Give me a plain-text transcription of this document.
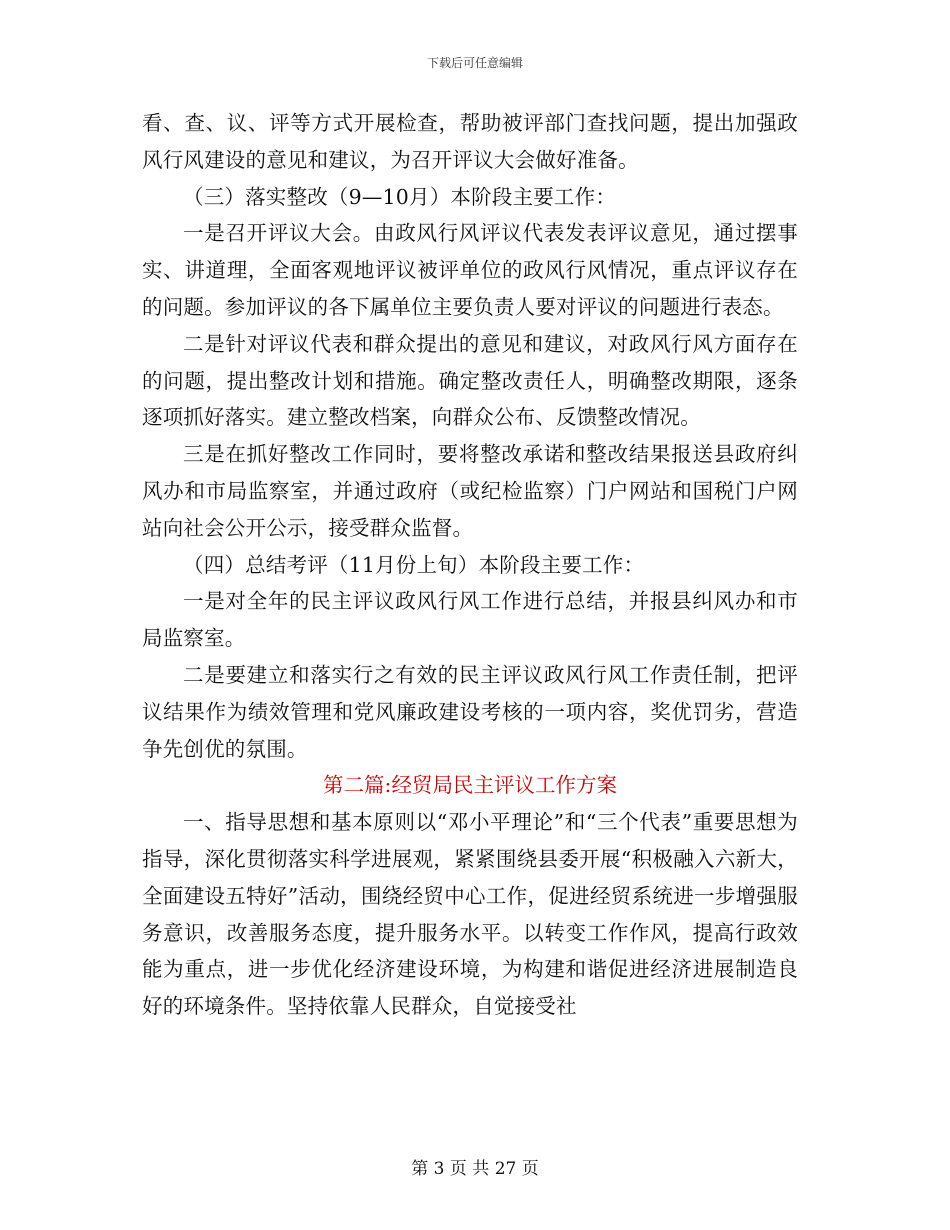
下载后可任意编辑

看、查、议、评等方式开展检查，帮助被评部门查找问题，提出加强政风行风建设的意见和建议，为召开评议大会做好准备。

（三）落实整改（9—10月）本阶段主要工作：

一是召开评议大会。由政风行风评议代表发表评议意见，通过摆事实、讲道理，全面客观地评议被评单位的政风行风情况，重点评议存在的问题。参加评议的各下属单位主要负责人要对评议的问题进行表态。

二是针对评议代表和群众提出的意见和建议，对政风行风方面存在的问题，提出整改计划和措施。确定整改责任人，明确整改期限，逐条逐项抓好落实。建立整改档案，向群众公布、反馈整改情况。

三是在抓好整改工作同时，要将整改承诺和整改结果报送县政府纠风办和市局监察室，并通过政府（或纪检监察）门户网站和国税门户网站向社会公开公示，接受群众监督。

（四）总结考评（11月份上旬）本阶段主要工作：

一是对全年的民主评议政风行风工作进行总结，并报县纠风办和市局监察室。

二是要建立和落实行之有效的民主评议政风行风工作责任制，把评议结果作为绩效管理和党风廉政建设考核的一项内容，奖优罚劣，营造争先创优的氛围。

第二篇:经贸局民主评议工作方案

一、指导思想和基本原则以“邓小平理论”和“三个代表”重要思想为指导，深化贯彻落实科学进展观，紧紧围绕县委开展“积极融入六新大，全面建设五特好”活动，围绕经贸中心工作，促进经贸系统进一步增强服务意识，改善服务态度，提升服务水平。以转变工作作风，提高行政效能为重点，进一步优化经济建设环境，为构建和谐促进经济进展制造良好的环境条件。坚持依靠人民群众，自觉接受社

第 3 页 共 27 页
